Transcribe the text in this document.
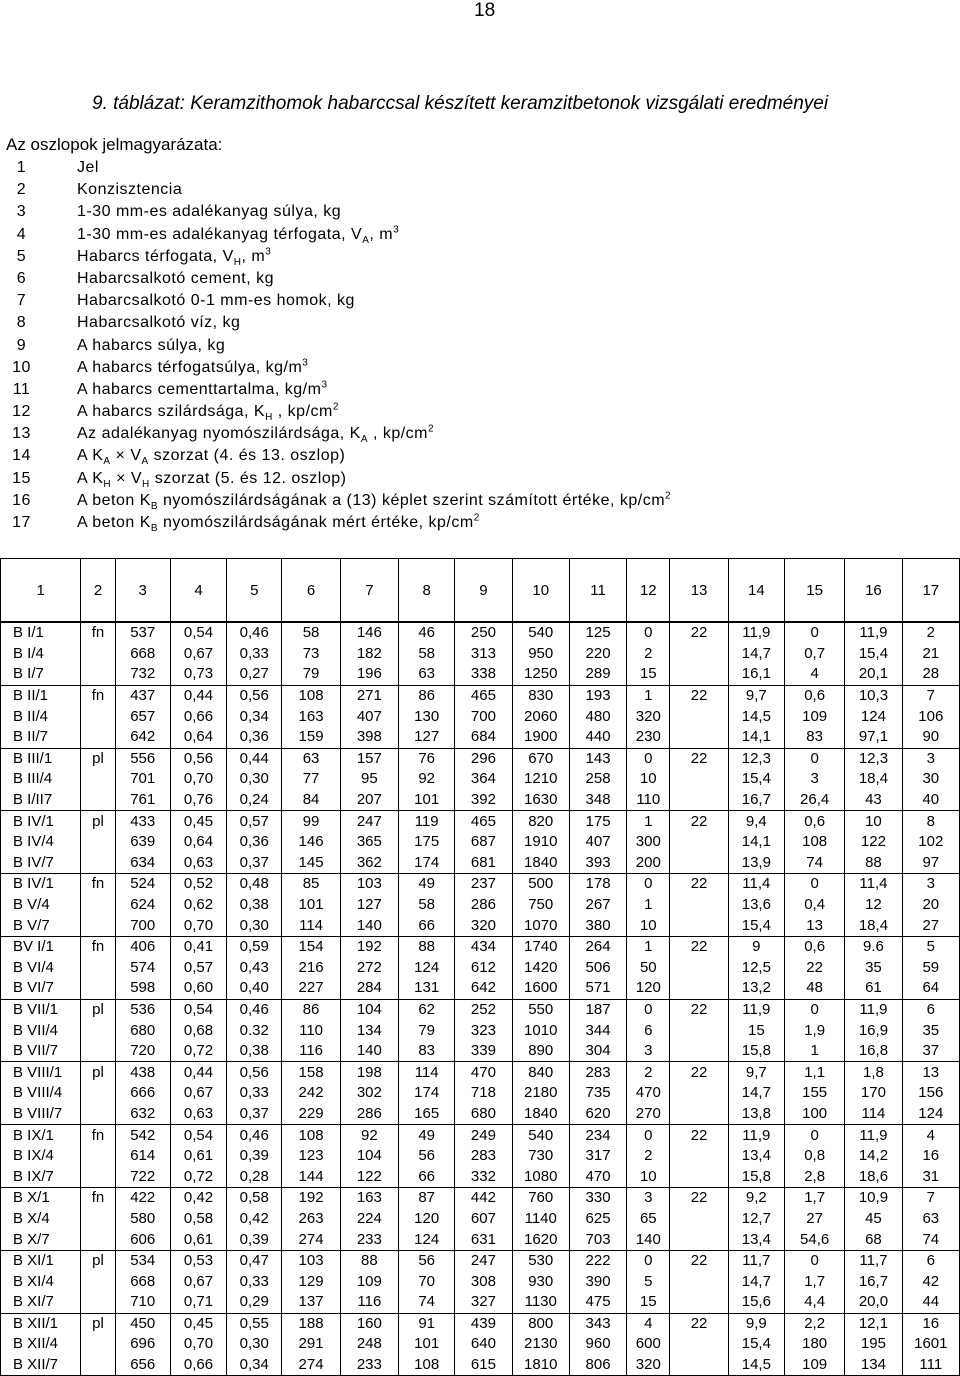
18
9. táblázat: Keramzithomok habarccsal készített keramzitbetonok vizsgálati eredményei
Az oszlopok jelmagyarázata:
1	Jel
2	Konzisztencia
3	1-30 mm-es adalékanyag súlya, kg
4	1-30 mm-es adalékanyag térfogata, $V_A$, $m^3$
5	Habarcs térfogata, $V_H$, $m^3$
6	Habarcsalkotó cement, kg
7	Habarcsalkotó 0-1 mm-es homok, kg
8	Habarcsalkotó víz, kg
9	A habarcs súlya, kg
10	A habarcs térfogatsúlya, $kg/m^3$
11	A habarcs cementtartalma, $kg/m^3$
12	A habarcs szilárdsága, $K_H$ , $kp/cm^2$
13	Az adalékanyag nyomószilárdsága, $K_A$ , $kp/cm^2$
14	A $K_A \times V_A$ szorzat (4. és 13. oszlop)
15	A $K_H \times V_H$ szorzat (5. és 12. oszlop)
16	A beton $K_B$ nyomószilárdságának a (13) képlet szerint számított értéke, $kp/cm^2$
17	A beton $K_B$ nyomószilárdságának mért értéke, $kp/cm^2$
1	2	3	4	5	6	7	8	9	10	11	12	13	14	15	16	17
B I/1	fn	537	0,54	0,46	58	146	46	250	540	125	0	22	11,9	0	11,9	2
B I/4		668	0,67	0,33	73	182	58	313	950	220	2		14,7	0,7	15,4	21
B I/7		732	0,73	0,27	79	196	63	338	1250	289	15		16,1	4	20,1	28
B II/1	fn	437	0,44	0,56	108	271	86	465	830	193	1	22	9,7	0,6	10,3	7
B II/4		657	0,66	0,34	163	407	130	700	2060	480	320		14,5	109	124	106
B II/7		642	0,64	0,36	159	398	127	684	1900	440	230		14,1	83	97,1	90
B III/1	pl	556	0,56	0,44	63	157	76	296	670	143	0	22	12,3	0	12,3	3
B III/4		701	0,70	0,30	77	95	92	364	1210	258	10		15,4	3	18,4	30
B I/II7		761	0,76	0,24	84	207	101	392	1630	348	110		16,7	26,4	43	40
B IV/1	pl	433	0,45	0,57	99	247	119	465	820	175	1	22	9,4	0,6	10	8
B IV/4		639	0,64	0,36	146	365	175	687	1910	407	300		14,1	108	122	102
B IV/7		634	0,63	0,37	145	362	174	681	1840	393	200		13,9	74	88	97
B IV/1	fn	524	0,52	0,48	85	103	49	237	500	178	0	22	11,4	0	11,4	3
B V/4		624	0,62	0,38	101	127	58	286	750	267	1		13,6	0,4	12	20
B V/7		700	0,70	0,30	114	140	66	320	1070	380	10		15,4	13	18,4	27
BV I/1	fn	406	0,41	0,59	154	192	88	434	1740	264	1	22	9	0,6	9.6	5
B VI/4		574	0,57	0,43	216	272	124	612	1420	506	50		12,5	22	35	59
B VI/7		598	0,60	0,40	227	284	131	642	1600	571	120		13,2	48	61	64
B VII/1	pl	536	0,54	0,46	86	104	62	252	550	187	0	22	11,9	0	11,9	6
B VII/4		680	0,68	0.32	110	134	79	323	1010	344	6		15	1,9	16,9	35
B VII/7		720	0,72	0,38	116	140	83	339	890	304	3		15,8	1	16,8	37
B VIII/1	pl	438	0,44	0,56	158	198	114	470	840	283	2	22	9,7	1,1	1,8	13
B VIII/4		666	0,67	0,33	242	302	174	718	2180	735	470		14,7	155	170	156
B VIII/7		632	0,63	0,37	229	286	165	680	1840	620	270		13,8	100	114	124
B IX/1	fn	542	0,54	0,46	108	92	49	249	540	234	0	22	11,9	0	11,9	4
B IX/4		614	0,61	0,39	123	104	56	283	730	317	2		13,4	0,8	14,2	16
B IX/7		722	0,72	0,28	144	122	66	332	1080	470	10		15,8	2,8	18,6	31
B X/1	fn	422	0,42	0,58	192	163	87	442	760	330	3	22	9,2	1,7	10,9	7
B X/4		580	0,58	0,42	263	224	120	607	1140	625	65		12,7	27	45	63
B X/7		606	0,61	0,39	274	233	124	631	1620	703	140		13,4	54,6	68	74
B XI/1	pl	534	0,53	0,47	103	88	56	247	530	222	0	22	11,7	0	11,7	6
B XI/4		668	0,67	0,33	129	109	70	308	930	390	5		14,7	1,7	16,7	42
B XI/7		710	0,71	0,29	137	116	74	327	1130	475	15		15,6	4,4	20,0	44
B XII/1	pl	450	0,45	0,55	188	160	91	439	800	343	4	22	9,9	2,2	12,1	16
B XII/4		696	0,70	0,30	291	248	101	640	2130	960	600		15,4	180	195	1601
B XII/7		656	0,66	0,34	274	233	108	615	1810	806	320		14,5	109	134	111
